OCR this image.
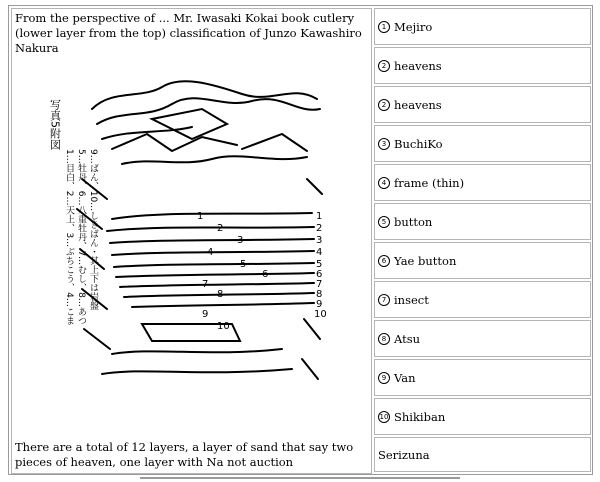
From the perspective of ... Mr. Iwasaki Kokai book cutlery (lower layer from the top) classification of Junzo Kawashiro Nakura
写真5附図
1…目白、2…天上、3…ぶちこう、4…こま 5…牡丹、6…八重牡丹、7…むし、8…あつ 9…ばん、10…しきばん・其上下は岩盤	1
2
3
4
5
6
7
8
9
10
1
2
3
4
5
6
7
8
9
10
There are a total of 12 layers, a layer of sand that say two pieces of heaven, one layer with Na not auction
1 Mejiro
2 heavens
2 heavens
3 BuchiKo
4 frame (thin)
5 button
6 Yae button
7 insect
8 Atsu
9 Van
10 Shikiban
Serizuna
